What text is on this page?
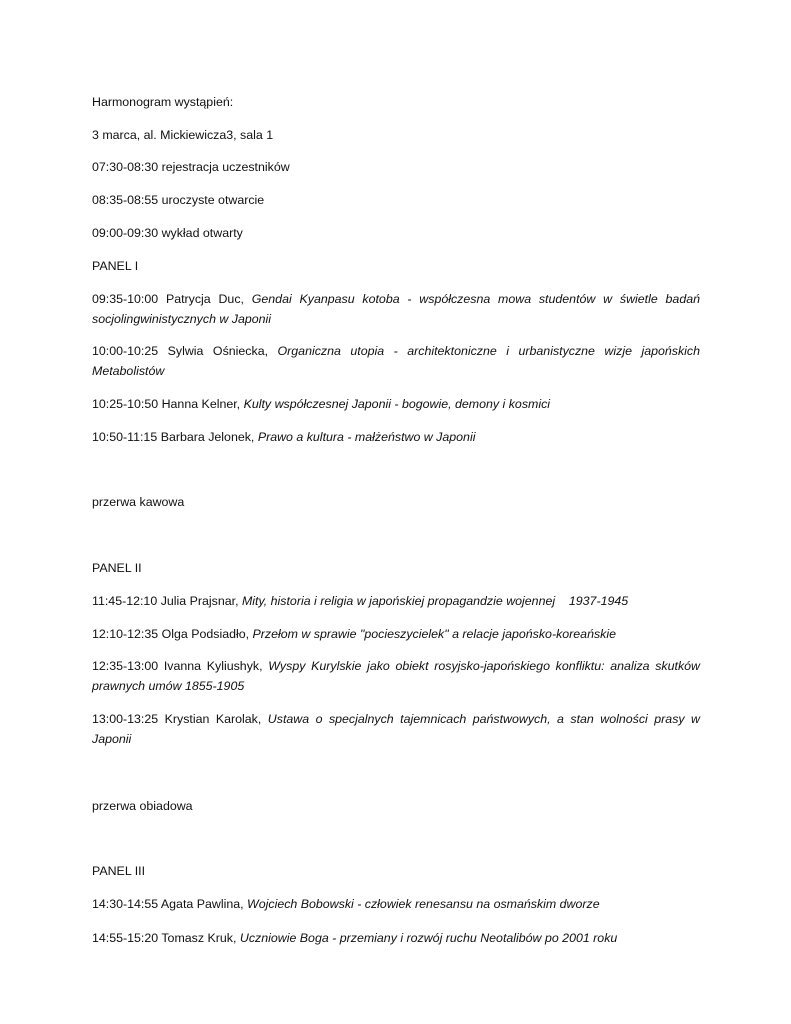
Harmonogram wystąpień:
3 marca, al. Mickiewicza3, sala 1
07:30-08:30 rejestracja uczestników
08:35-08:55 uroczyste otwarcie
09:00-09:30 wykład otwarty
PANEL I
09:35-10:00 Patrycja Duc, Gendai Kyanpasu kotoba - współczesna mowa studentów w świetle badań socjolingwinistycznych w Japonii
10:00-10:25 Sylwia Ośniecka, Organiczna utopia - architektoniczne i urbanistyczne wizje japońskich Metabolistów
10:25-10:50 Hanna Kelner, Kulty współczesnej Japonii - bogowie, demony i kosmici
10:50-11:15 Barbara Jelonek, Prawo a kultura - małżeństwo w Japonii
przerwa kawowa
PANEL II
11:45-12:10 Julia Prajsnar, Mity, historia i religia w japońskiej propagandzie wojennej    1937-1945
12:10-12:35 Olga Podsiadło, Przełom w sprawie "pocieszycielek" a relacje japońsko-koreańskie
12:35-13:00 Ivanna Kyliushyk, Wyspy Kurylskie jako obiekt rosyjsko-japońskiego konfliktu: analiza skutków prawnych umów 1855-1905
13:00-13:25 Krystian Karolak, Ustawa o specjalnych tajemnicach państwowych, a stan wolności prasy w Japonii
przerwa obiadowa
PANEL III
14:30-14:55 Agata Pawlina, Wojciech Bobowski - człowiek renesansu na osmańskim dworze
14:55-15:20 Tomasz Kruk, Uczniowie Boga - przemiany i rozwój ruchu Neotalibów po 2001 roku
